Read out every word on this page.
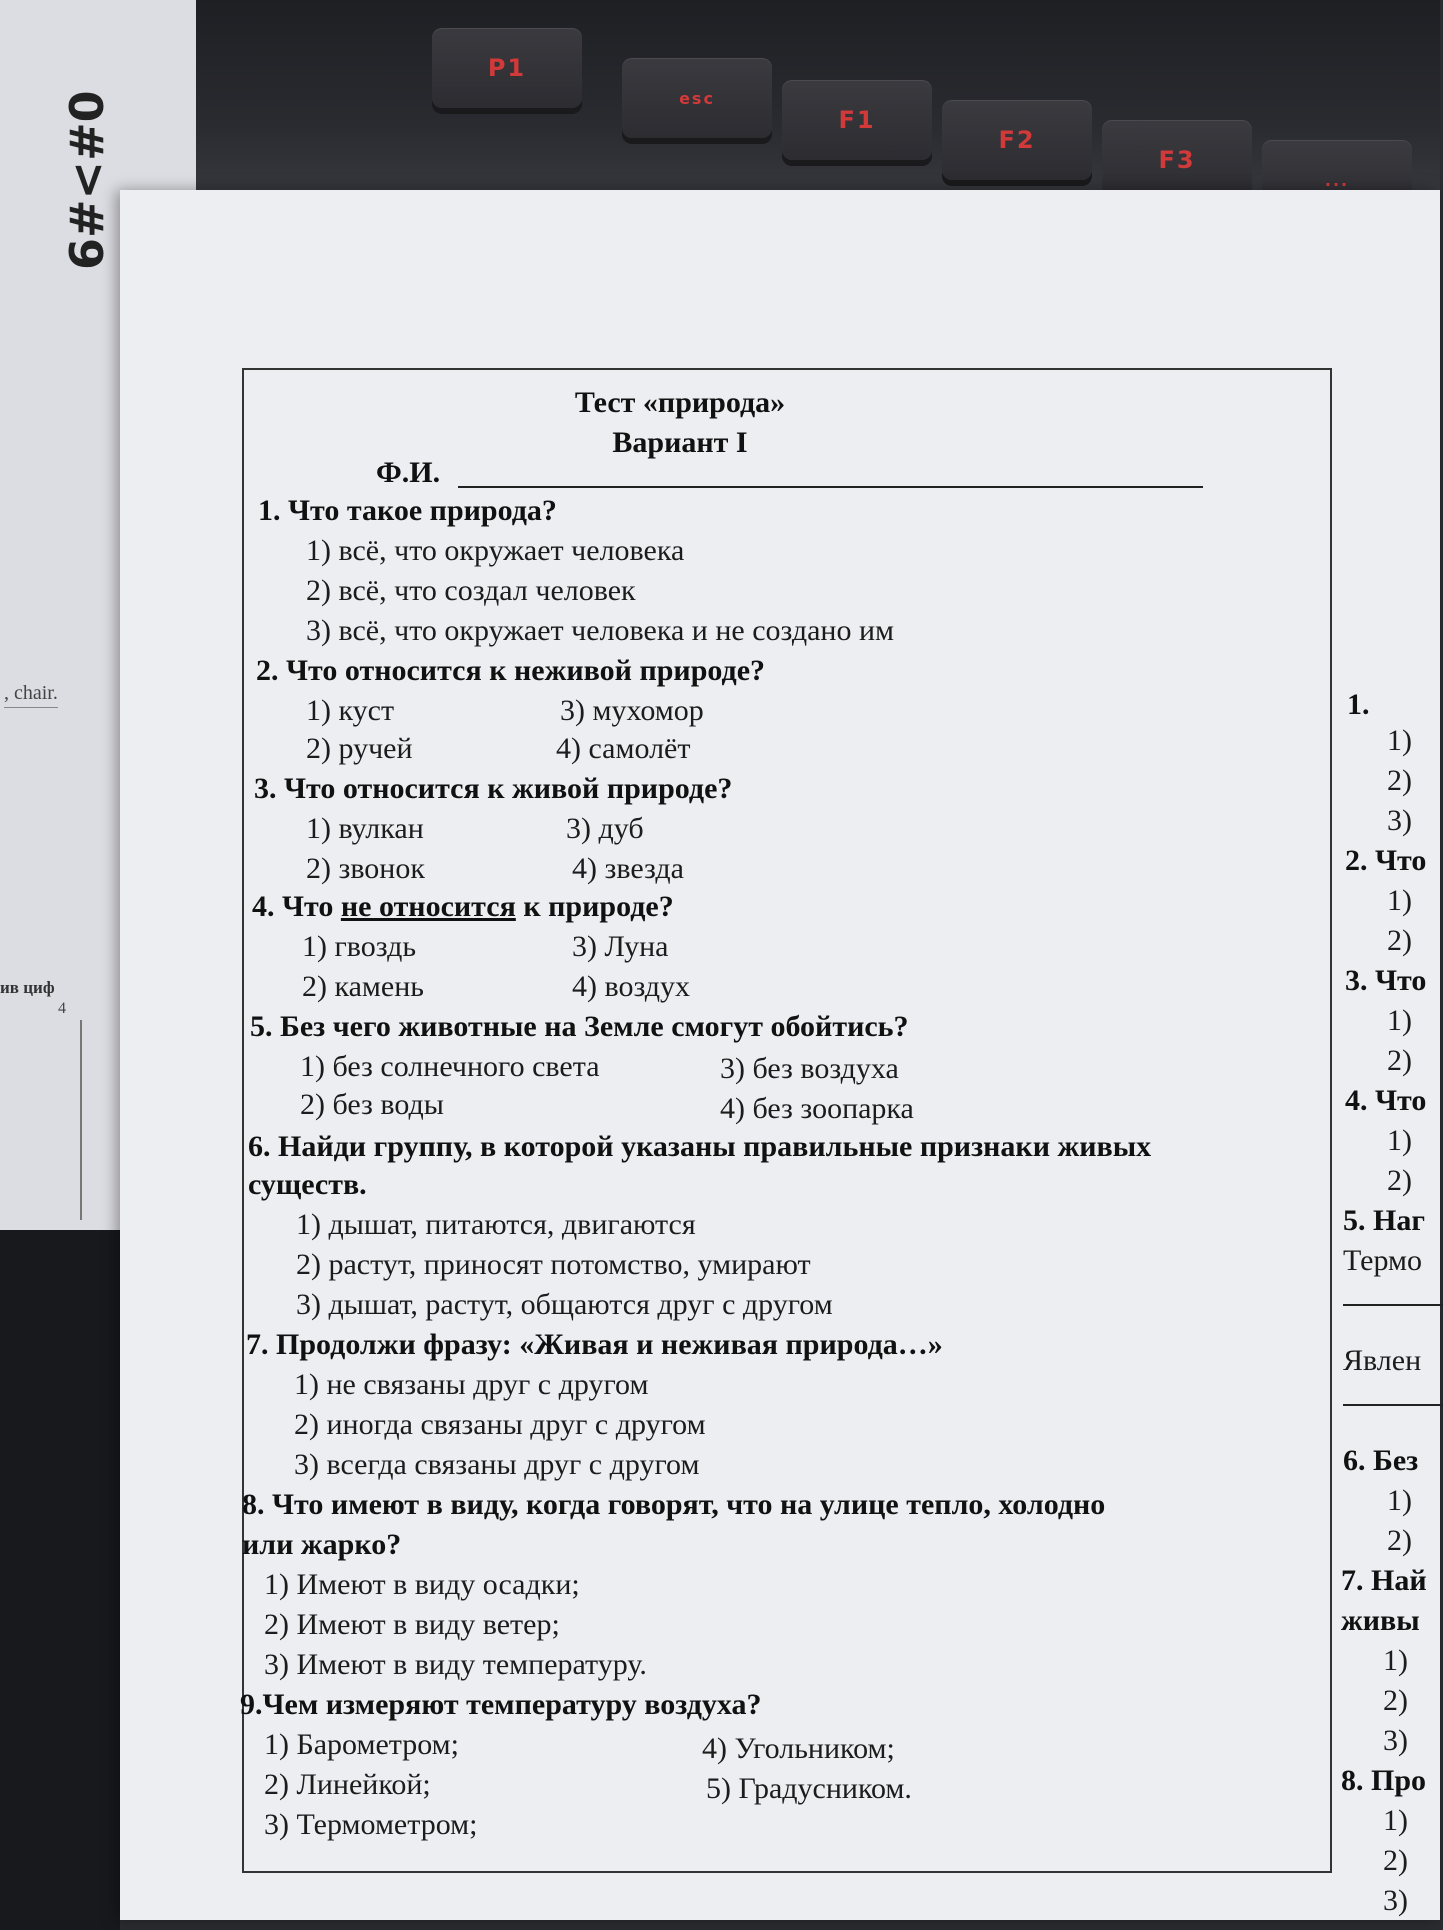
6#<#0
, chair.
ив циф
4
P1
esc
F1
F2
F3
...
Тест «природа»
Вариант I
Ф.И.
1. Что такое природа?
1) всё, что окружает человека
2) всё, что создал человек
3) всё, что окружает человека и не создано им
2. Что относится к неживой природе?
1) куст	3) мухомор
2) ручей	4) самолёт
3. Что относится к живой природе?
1) вулкан	3) дуб
2) звонок	4) звезда
4. Что не относится к природе?
1) гвоздь	3) Луна
2) камень	4) воздух
5. Без чего животные на Земле смогут обойтись?
1) без солнечного света	3) без воздуха
2) без воды	4) без зоопарка
6. Найди группу, в которой указаны правильные признаки живых
существ.
1) дышат, питаются, двигаются
2) растут, приносят потомство, умирают
3) дышат, растут, общаются друг с другом
7. Продолжи фразу: «Живая и неживая природа…»
1) не связаны друг с другом
2) иногда связаны друг с другом
3) всегда связаны друг с другом
8. Что имеют в виду, когда говорят, что на улице тепло, холодно
или жарко?
1) Имеют в виду осадки;
2) Имеют в виду ветер;
3) Имеют в виду температуру.
9.Чем измеряют температуру воздуха?
1) Барометром;	4) Угольником;
2) Линейкой;	5) Градусником.
3) Термометром;
1.
1)
2)
3)
2. Что
1)
2)
3. Что
1)
2)
4. Что
1)
2)
5. Наг
Термо
Явлен
6. Без
1)
2)
7. Най
живы
1)
2)
3)
8. Про
1)
2)
3)
